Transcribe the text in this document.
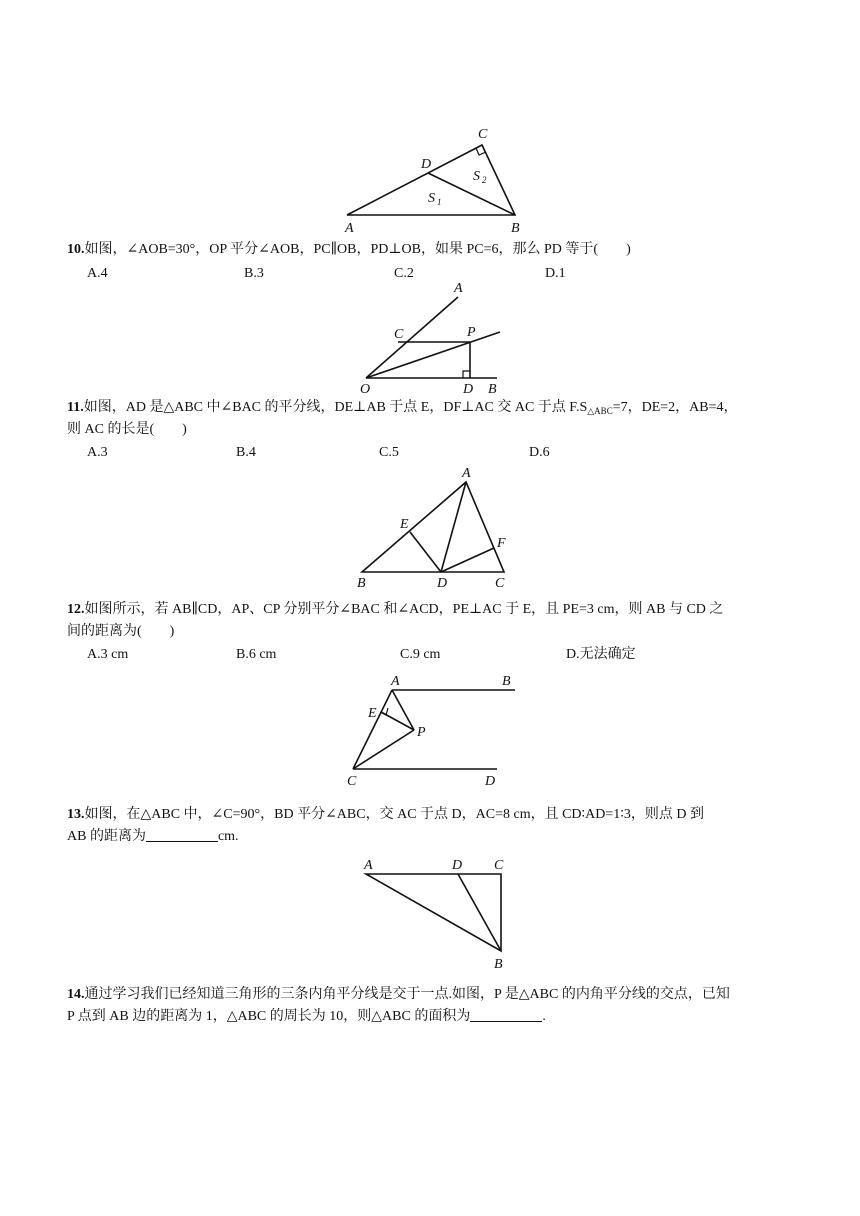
A	B
C
D
S 1
S 2
10.如图，∠AOB=30°，OP 平分∠AOB，PC∥OB，PD⊥OB，如果 PC=6，那么 PD 等于(　　)
A.4	B.3	C.2	D.1
A
C	P
O	D B
11.如图，AD 是△ABC 中∠BAC 的平分线，DE⊥AB 于点 E，DF⊥AC 交 AC 于点 $F.S_{\triangle ABC}=7$，DE=2，AB=4，
则 AC 的长是(　　)
A.3	B.4	C.5	D.6
A
E
F
B	D	C
12.如图所示，若 AB∥CD，AP、CP 分别平分∠BAC 和∠ACD，PE⊥AC 于 E，且 PE=3 cm，则 AB 与 CD 之
间的距离为(　　)
A.3 cm	B.6 cm	C.9 cm	D.无法确定
A	B
E
P
C	D
13.如图，在△ABC 中，∠C=90°，BD 平分∠ABC，交 AC 于点 D，AC=8 cm，且 CD∶AD=1∶3，则点 D 到
AB 的距离为	cm.
A	D C
B
14.通过学习我们已经知道三角形的三条内角平分线是交于一点.如图，P 是△ABC 的内角平分线的交点，已知
P 点到 AB 边的距离为 1，△ABC 的周长为 10，则△ABC 的面积为	.
